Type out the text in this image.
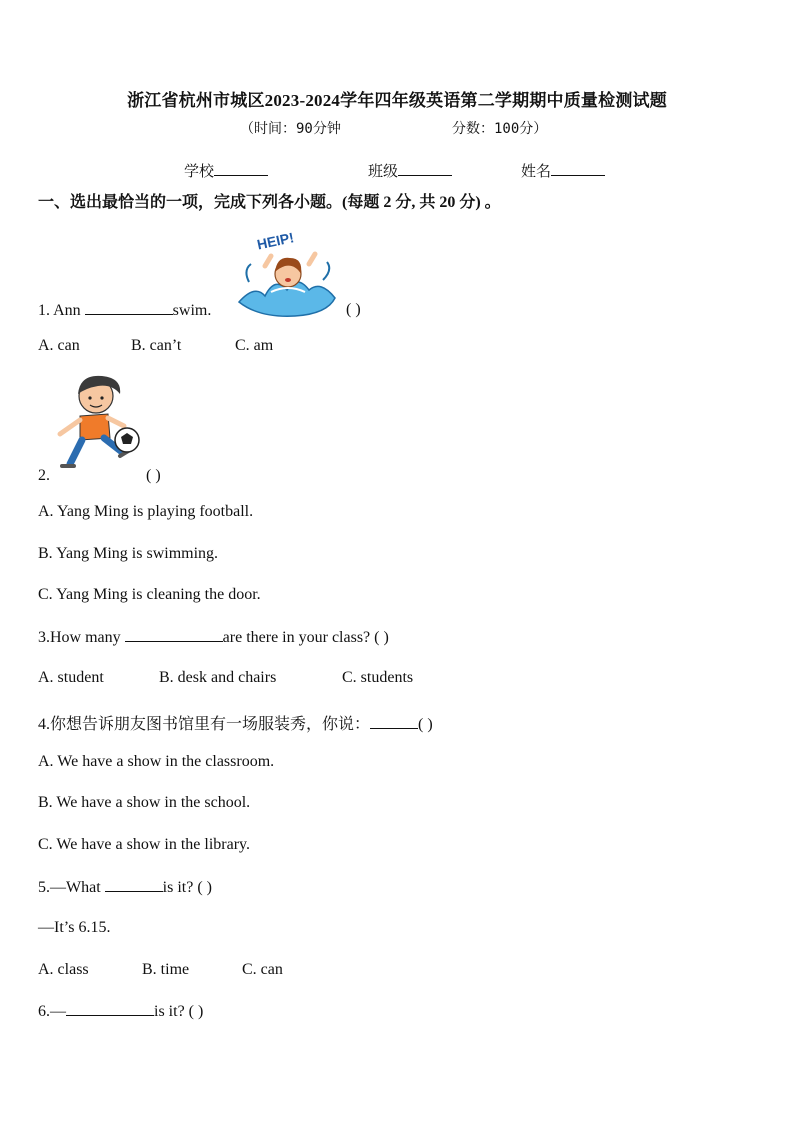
浙江省杭州市城区2023-2024学年四年级英语第二学期期中质量检测试题
（时间：90分钟	分数：100分）
学校	班级	姓名
一、选出最恰当的一项，完成下列各小题。(每题 2 分, 共 20 分) 。
HEIP!
1. Ann	swim.	( )
A. can	B. can’t	C. am
2.	( )
A. Yang Ming is playing football.
B. Yang Ming is swimming.
C. Yang Ming is cleaning the door.
3.How many	are there in your class? ( )
A. student	B. desk and chairs	C. students
4.你想告诉朋友图书馆里有一场服装秀，你说：	( )
A. We have a show in the classroom.
B. We have a show in the school.
C. We have a show in the library.
5.—What	is it? ( )
—It’s 6.15.
A. class	B. time	C. can
6.—	is it? ( )
